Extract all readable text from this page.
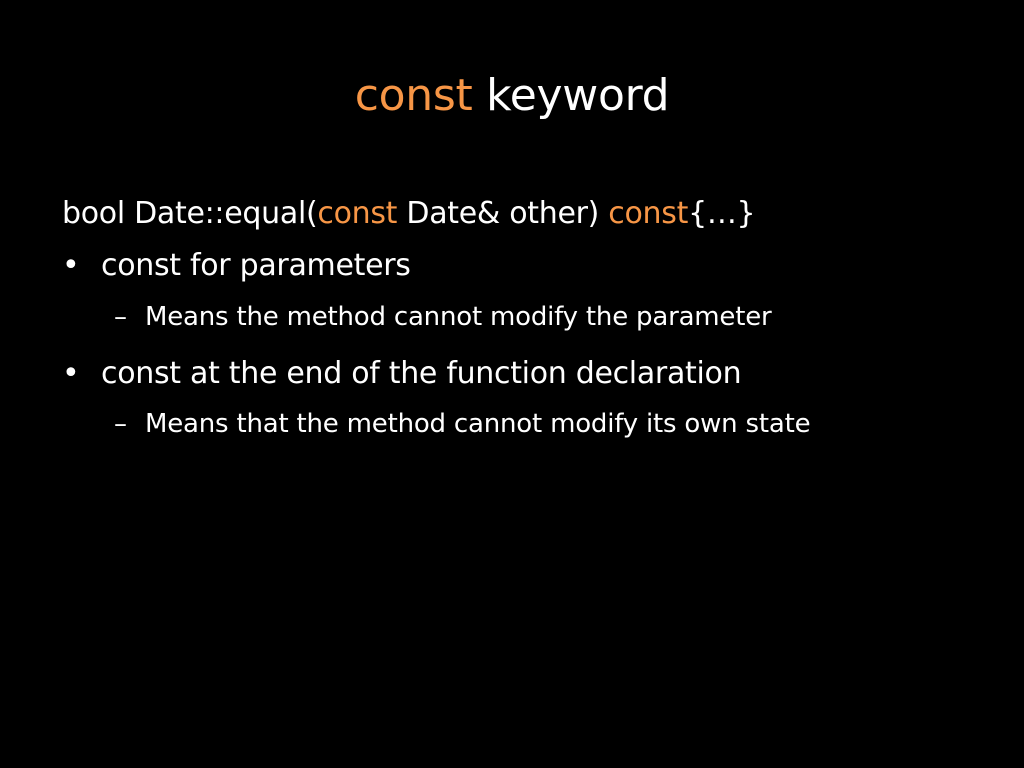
const keyword
bool Date::equal(const Date& other) const{…}
• const for parameters
– Means the method cannot modify the parameter
• const at the end of the function declaration
– Means that the method cannot modify its own state
